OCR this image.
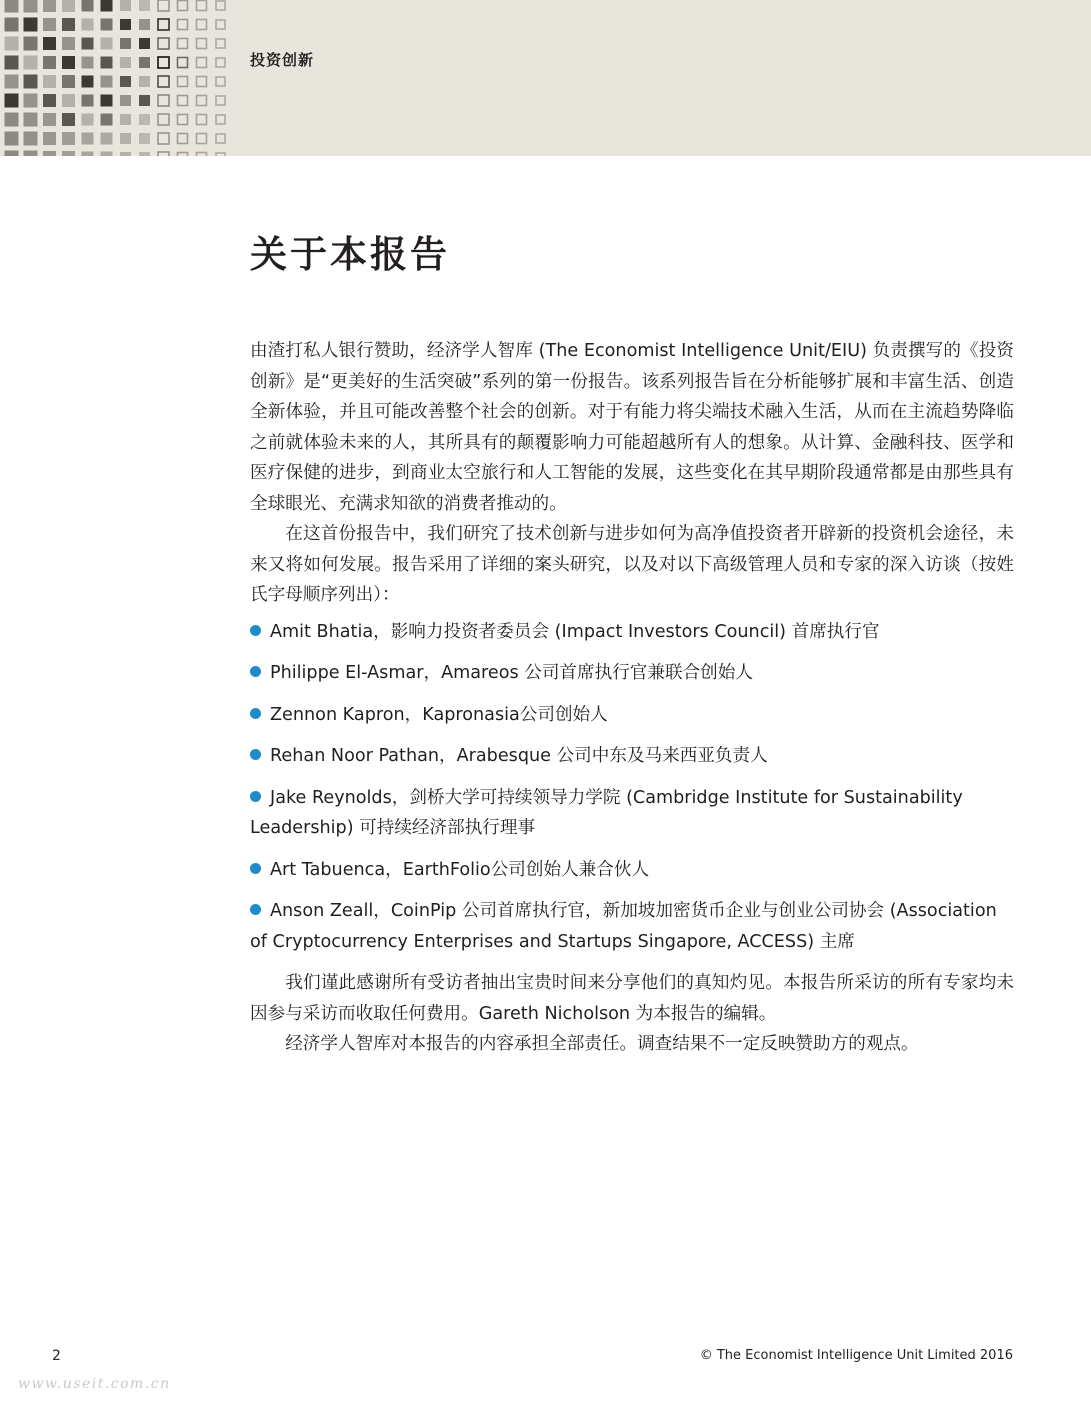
投资创新
关于本报告

由渣打私人银行赞助，经济学人智库 (The Economist Intelligence Unit/EIU) 负责撰写的《投资创新》是“更美好的生活突破”系列的第一份报告。该系列报告旨在分析能够扩展和丰富生活、创造全新体验，并且可能改善整个社会的创新。对于有能力将尖端技术融入生活，从而在主流趋势降临之前就体验未来的人，其所具有的颠覆影响力可能超越所有人的想象。从计算、金融科技、医学和医疗保健的进步，到商业太空旅行和人工智能的发展，这些变化在其早期阶段通常都是由那些具有全球眼光、充满求知欲的消费者推动的。

在这首份报告中，我们研究了技术创新与进步如何为高净值投资者开辟新的投资机会途径，未来又将如何发展。报告采用了详细的案头研究，以及对以下高级管理人员和专家的深入访谈（按姓氏字母顺序列出）：

Amit Bhatia，影响力投资者委员会 (Impact Investors Council) 首席执行官
Philippe El-Asmar，Amareos 公司首席执行官兼联合创始人
Zennon Kapron，Kapronasia公司创始人
Rehan Noor Pathan，Arabesque 公司中东及马来西亚负责人
Jake Reynolds，剑桥大学可持续领导力学院 (Cambridge Institute for Sustainability Leadership) 可持续经济部执行理事
Art Tabuenca，EarthFolio公司创始人兼合伙人
Anson Zeall，CoinPip 公司首席执行官，新加坡加密货币企业与创业公司协会 (Association of Cryptocurrency Enterprises and Startups Singapore, ACCESS) 主席

我们谨此感谢所有受访者抽出宝贵时间来分享他们的真知灼见。本报告所采访的所有专家均未因参与采访而收取任何费用。Gareth Nicholson 为本报告的编辑。

经济学人智库对本报告的内容承担全部责任。调查结果不一定反映赞助方的观点。

2	© The Economist Intelligence Unit Limited 2016
www.useit.com.cn
